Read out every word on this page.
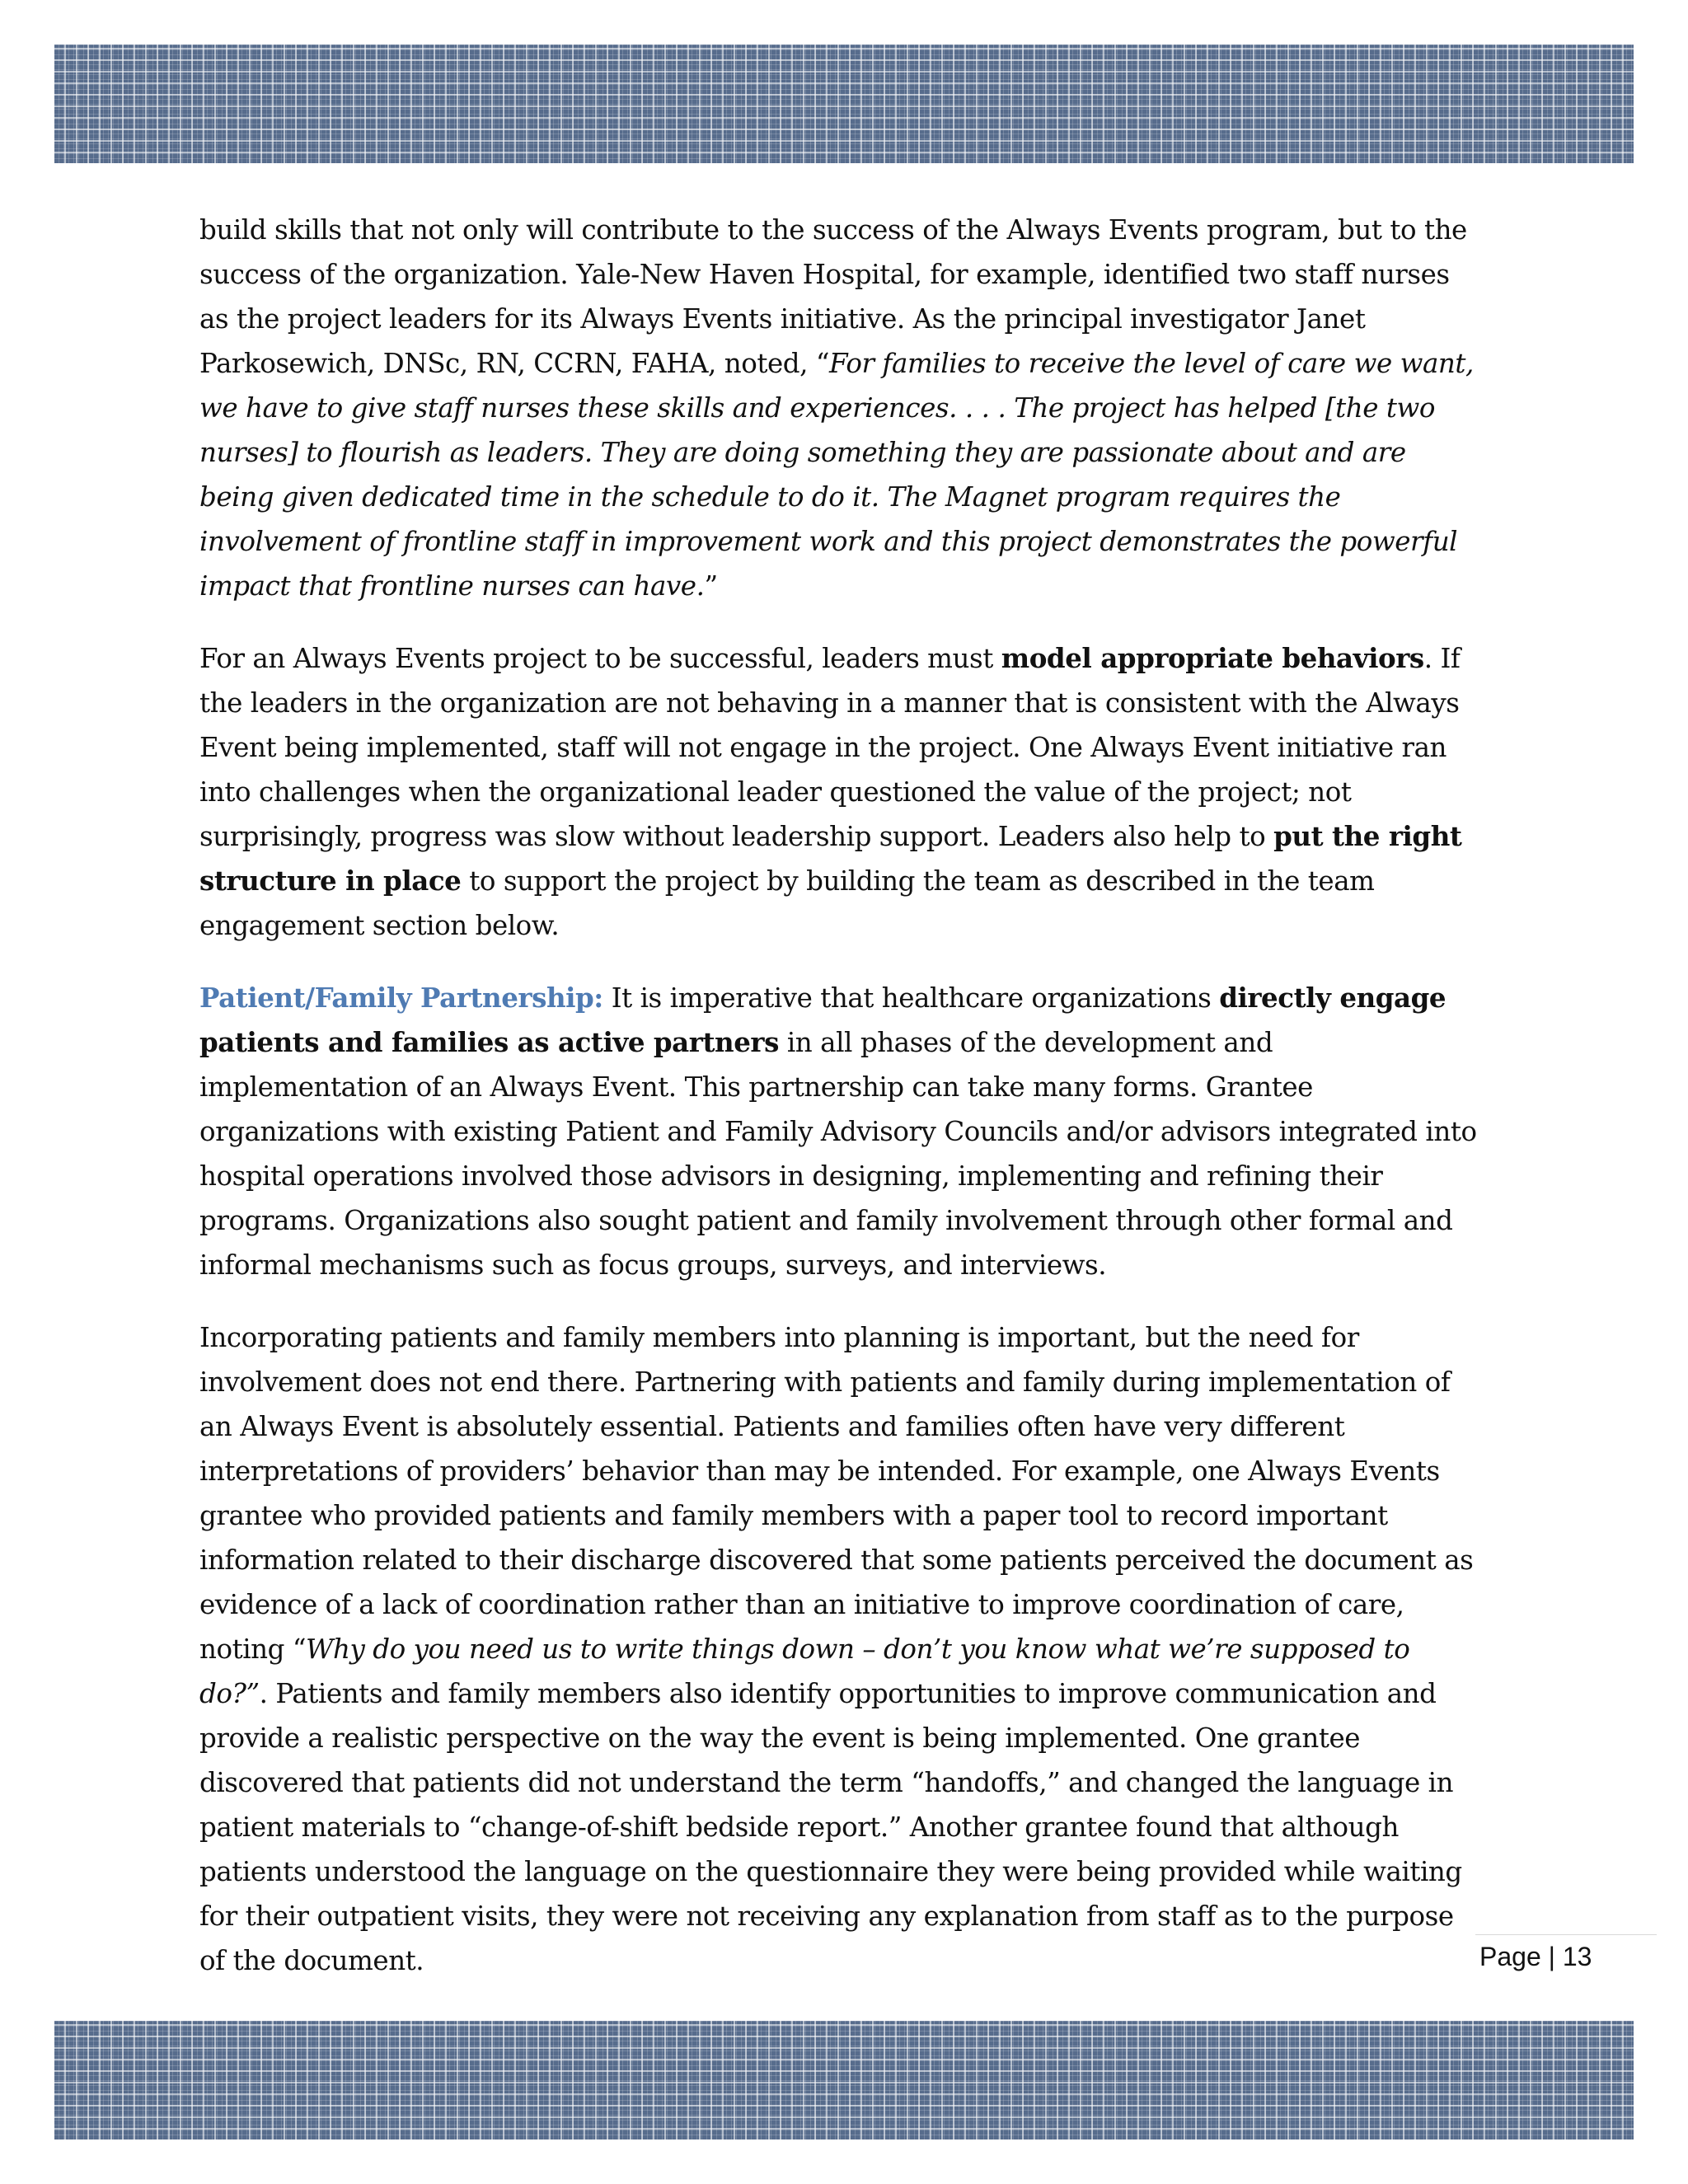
build skills that not only will contribute to the success of the Always Events program, but to the success of the organization. Yale-New Haven Hospital, for example, identified two staff nurses as the project leaders for its Always Events initiative. As the principal investigator Janet Parkosewich, DNSc, RN, CCRN, FAHA, noted, “For families to receive the level of care we want, we have to give staff nurses these skills and experiences. . . . The project has helped [the two nurses] to flourish as leaders. They are doing something they are passionate about and are being given dedicated time in the schedule to do it. The Magnet program requires the involvement of frontline staff in improvement work and this project demonstrates the powerful impact that frontline nurses can have.”

For an Always Events project to be successful, leaders must model appropriate behaviors. If the leaders in the organization are not behaving in a manner that is consistent with the Always Event being implemented, staff will not engage in the project. One Always Event initiative ran into challenges when the organizational leader questioned the value of the project; not surprisingly, progress was slow without leadership support. Leaders also help to put the right structure in place to support the project by building the team as described in the team engagement section below.

Patient/Family Partnership: It is imperative that healthcare organizations directly engage patients and families as active partners in all phases of the development and implementation of an Always Event. This partnership can take many forms. Grantee organizations with existing Patient and Family Advisory Councils and/or advisors integrated into hospital operations involved those advisors in designing, implementing and refining their programs. Organizations also sought patient and family involvement through other formal and informal mechanisms such as focus groups, surveys, and interviews.

Incorporating patients and family members into planning is important, but the need for involvement does not end there. Partnering with patients and family during implementation of an Always Event is absolutely essential. Patients and families often have very different interpretations of providers’ behavior than may be intended. For example, one Always Events grantee who provided patients and family members with a paper tool to record important information related to their discharge discovered that some patients perceived the document as evidence of a lack of coordination rather than an initiative to improve coordination of care, noting “Why do you need us to write things down – don’t you know what we’re supposed to do?”. Patients and family members also identify opportunities to improve communication and provide a realistic perspective on the way the event is being implemented. One grantee discovered that patients did not understand the term “handoffs,” and changed the language in patient materials to “change-of-shift bedside report.” Another grantee found that although patients understood the language on the questionnaire they were being provided while waiting for their outpatient visits, they were not receiving any explanation from staff as to the purpose of the document.	Page | 13
